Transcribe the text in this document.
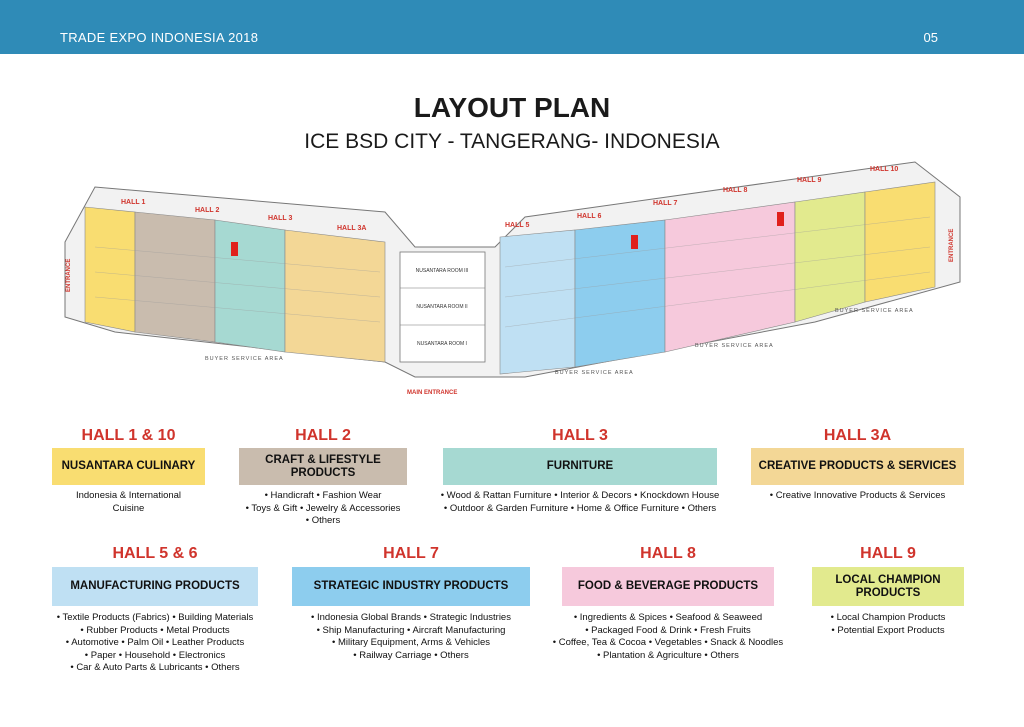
TRADE EXPO INDONESIA 2018	05
LAYOUT PLAN
ICE BSD CITY - TANGERANG- INDONESIA
HALL 1
HALL 2
HALL 3
HALL 3A	HALL 5
HALL 6
HALL 7
HALL 8
HALL 9
HALL 10
NUSANTARA ROOM III
NUSANTARA ROOM II
NUSANTARA ROOM I
BUYER SERVICE AREA
BUYER SERVICE AREA
BUYER SERVICE AREA
BUYER SERVICE AREA
MAIN ENTRANCE
ENTRANCE
ENTRANCE
HALL 1 & 10
NUSANTARA CULINARY
Indonesia & International
Cuisine
HALL 2
CRAFT & LIFESTYLE PRODUCTS
• Handicraft • Fashion Wear
• Toys & Gift • Jewelry & Accessories
• Others
HALL 3
FURNITURE
• Wood & Rattan Furniture • Interior & Decors • Knockdown House
• Outdoor & Garden Furniture • Home & Office Furniture • Others
HALL 3A
CREATIVE PRODUCTS & SERVICES
• Creative Innovative Products & Services
HALL 5 & 6
MANUFACTURING PRODUCTS
• Textile Products (Fabrics) • Building Materials
• Rubber Products • Metal Products
• Automotive • Palm Oil • Leather Products
• Paper • Household • Electronics
• Car & Auto Parts & Lubricants • Others
HALL 7
STRATEGIC INDUSTRY PRODUCTS
• Indonesia Global Brands • Strategic Industries
• Ship Manufacturing • Aircraft Manufacturing
• Military Equipment, Arms & Vehicles
• Railway Carriage • Others
HALL 8
FOOD & BEVERAGE PRODUCTS
• Ingredients & Spices • Seafood & Seaweed
• Packaged Food & Drink • Fresh Fruits
• Coffee, Tea & Cocoa • Vegetables • Snack & Noodles
• Plantation & Agriculture • Others
HALL 9
LOCAL CHAMPION PRODUCTS
• Local Champion Products
• Potential Export Products
